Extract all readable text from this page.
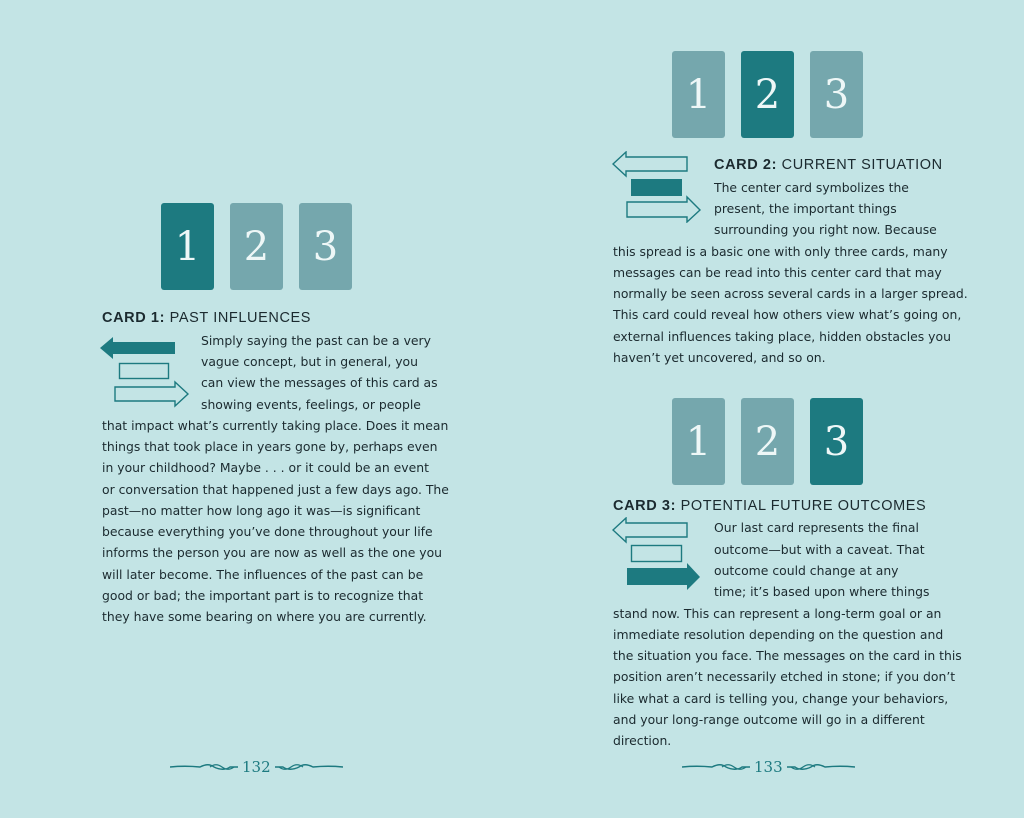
1	2	3
CARD 1: PAST INFLUENCES
Simply saying the past can be a very
vague concept, but in general, you
can view the messages of this card as
showing events, feelings, or people
that impact what’s currently taking place. Does it mean
things that took place in years gone by, perhaps even
in your childhood? Maybe . . . or it could be an event
or conversation that happened just a few days ago. The
past—no matter how long ago it was—is significant
because everything you’ve done throughout your life
informs the person you are now as well as the one you
will later become. The influences of the past can be
good or bad; the important part is to recognize that
they have some bearing on where you are currently.
132
1	2	3
CARD 2: CURRENT SITUATION
The center card symbolizes the
present, the important things
surrounding you right now. Because
this spread is a basic one with only three cards, many
messages can be read into this center card that may
normally be seen across several cards in a larger spread.
This card could reveal how others view what’s going on,
external influences taking place, hidden obstacles you
haven’t yet uncovered, and so on.
1	2	3
CARD 3: POTENTIAL FUTURE OUTCOMES
Our last card represents the final
outcome—but with a caveat. That
outcome could change at any
time; it’s based upon where things
stand now. This can represent a long-term goal or an
immediate resolution depending on the question and
the situation you face. The messages on the card in this
position aren’t necessarily etched in stone; if you don’t
like what a card is telling you, change your behaviors,
and your long-range outcome will go in a different
direction.
133
